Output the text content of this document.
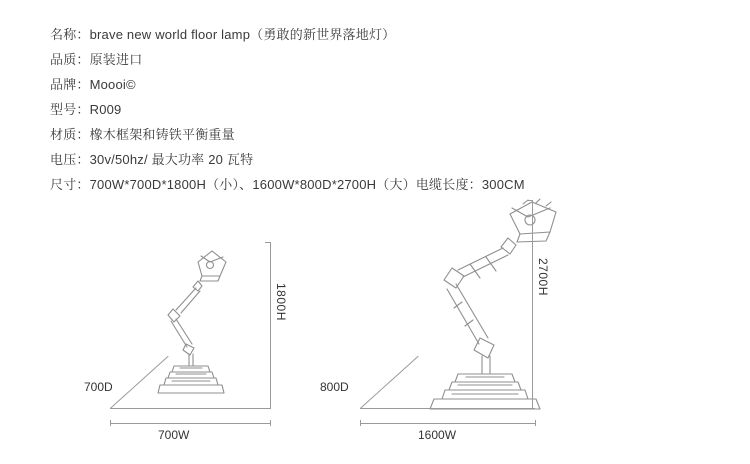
名称：brave new world floor lamp（勇敢的新世界落地灯）
品质：原装进口
品牌：Moooi©
型号：R009
材质：橡木框架和铸铁平衡重量
电压：30v/50hz/ 最大功率 20 瓦特
尺寸：700W*700D*1800H（小）、1600W*800D*2700H（大）电缆长度：300CM
1800H
700D
700W
2700H
800D
1600W
